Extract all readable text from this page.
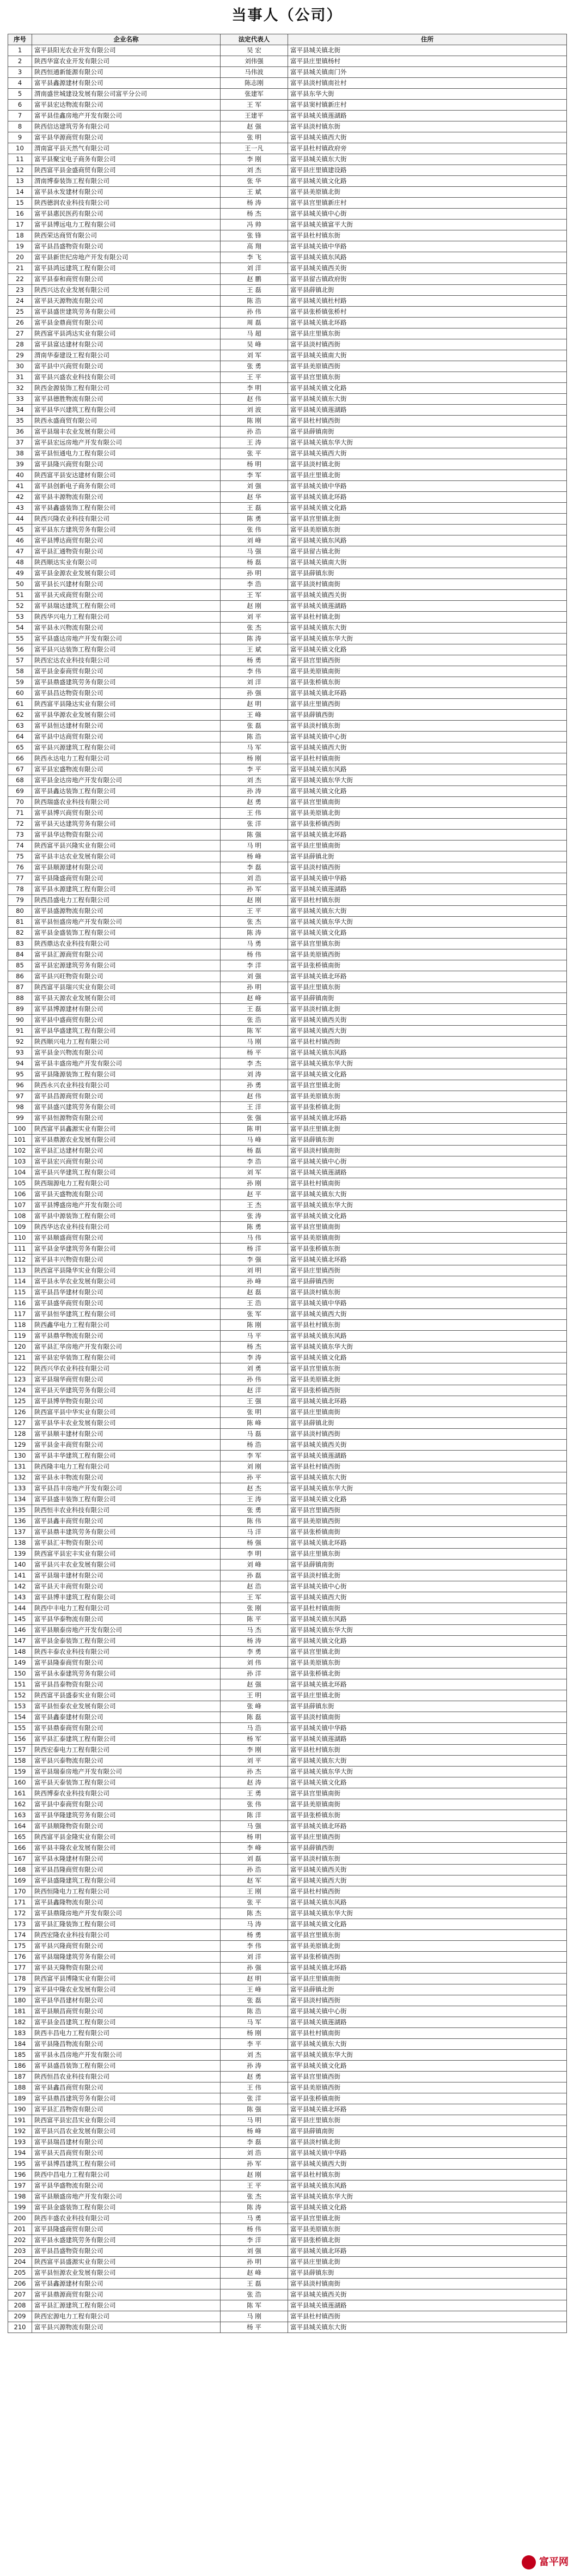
当事人（公司）
序号	企业名称	法定代表人	住所
1	富平县阳光农业开发有限公司	吴 宏	富平县城关镇北街
2	陕西华富农业开发有限公司	刘伟强	富平县庄里镇杨村
3	陕西恒通新能源有限公司	马伟波	富平县城关镇南门外
4	富平县鑫源建材有限公司	陈志刚	富平县淡村镇南社村
5	渭南盛世城建设发展有限公司富平分公司	张建军	富平县东华大街
6	富平县宏达物流有限公司	王 军	富平县窦村镇新庄村
7	富平县佳鑫房地产开发有限公司	王建平	富平县城关镇莲湖路
8	陕西信达建筑劳务有限公司	赵 强	富平县淡村镇东街
9	富平县华源商贸有限公司	张 明	富平县城关镇西大街
10	渭南富平县天然气有限公司	王一凡	富平县杜村镇政府旁
11	富平县聚宝电子商务有限公司	李 刚	富平县城关镇东大街
12	陕西富平县金盛商贸有限公司	刘 杰	富平县庄里镇建设路
13	渭南博泰装饰工程有限公司	张 华	富平县城关镇文化路
14	富平县永发建材有限公司	王 斌	富平县美原镇北街
15	陕西德润农业科技有限公司	杨 涛	富平县宫里镇新庄村
16	富平县惠民医药有限公司	杨 杰	富平县城关镇中心街
17	富平县博远电力工程有限公司	冯 帅	富平县城关镇富平大街
18	陕西荣达商贸有限公司	张 锋	富平县杜村镇东街
19	富平县昌盛物资有限公司	高 翔	富平县城关镇中华路
20	富平县新世纪房地产开发有限公司	李 飞	富平县城关镇东风路
21	富平县鸿远建筑工程有限公司	刘 洋	富平县城关镇西关街
22	富平县泰和商贸有限公司	赵 鹏	富平县留古镇政府街
23	陕西兴达农业发展有限公司	王 磊	富平县薛镇北街
24	富平县天源物流有限公司	陈 浩	富平县城关镇杜村路
25	富平县盛世建筑劳务有限公司	孙 伟	富平县张桥镇张桥村
26	富平县金鼎商贸有限公司	周 磊	富平县城关镇北环路
27	陕西富平县鸿达实业有限公司	马 超	富平县庄里镇东街
28	富平县富达建材有限公司	吴 峰	富平县淡村镇西街
29	渭南华泰建设工程有限公司	刘 军	富平县城关镇南大街
30	富平县中兴商贸有限公司	张 勇	富平县美原镇西街
31	富平县兴盛农业科技有限公司	王 平	富平县宫里镇东街
32	陕西金源装饰工程有限公司	李 明	富平县城关镇文化路
33	富平县德胜物流有限公司	赵 伟	富平县城关镇东大街
34	富平县华兴建筑工程有限公司	刘 波	富平县城关镇莲湖路
35	陕西永盛商贸有限公司	陈 刚	富平县杜村镇西街
36	富平县瑞丰农业发展有限公司	孙 浩	富平县薛镇南街
37	富平县宏远房地产开发有限公司	王 涛	富平县城关镇东华大街
38	富平县恒通电力工程有限公司	张 平	富平县城关镇西大街
39	富平县隆兴商贸有限公司	杨 明	富平县淡村镇北街
40	陕西富平县安达建材有限公司	李 军	富平县庄里镇北街
41	富平县创新电子商务有限公司	刘 强	富平县城关镇中华路
42	富平县丰源物流有限公司	赵 华	富平县城关镇北环路
43	富平县鑫盛装饰工程有限公司	王 磊	富平县城关镇文化路
44	陕西兴隆农业科技有限公司	陈 勇	富平县宫里镇北街
45	富平县东方建筑劳务有限公司	张 伟	富平县美原镇东街
46	富平县博达商贸有限公司	刘 峰	富平县城关镇东风路
47	富平县汇通物资有限公司	马 强	富平县留古镇北街
48	陕西顺达实业有限公司	杨 磊	富平县城关镇南大街
49	富平县金源农业发展有限公司	孙 明	富平县薛镇东街
50	富平县长兴建材有限公司	李 浩	富平县淡村镇南街
51	富平县天成商贸有限公司	王 军	富平县城关镇西关街
52	富平县瑞达建筑工程有限公司	赵 刚	富平县城关镇莲湖路
53	陕西华兴电力工程有限公司	刘 平	富平县杜村镇北街
54	富平县永兴物流有限公司	张 杰	富平县城关镇东大街
55	富平县盛达房地产开发有限公司	陈 涛	富平县城关镇东华大街
56	富平县兴达装饰工程有限公司	王 斌	富平县城关镇文化路
57	陕西宏达农业科技有限公司	杨 勇	富平县宫里镇西街
58	富平县金泰商贸有限公司	李 伟	富平县美原镇南街
59	富平县鼎盛建筑劳务有限公司	刘 洋	富平县张桥镇东街
60	富平县昌达物资有限公司	孙 强	富平县城关镇北环路
61	陕西富平县隆达实业有限公司	赵 明	富平县庄里镇西街
62	富平县华源农业发展有限公司	王 峰	富平县薛镇西街
63	富平县恒达建材有限公司	张 磊	富平县淡村镇东街
64	富平县中达商贸有限公司	陈 浩	富平县城关镇中心街
65	富平县兴源建筑工程有限公司	马 军	富平县城关镇西大街
66	陕西永达电力工程有限公司	杨 刚	富平县杜村镇南街
67	富平县宏盛物流有限公司	李 平	富平县城关镇东风路
68	富平县金达房地产开发有限公司	刘 杰	富平县城关镇东华大街
69	富平县鑫达装饰工程有限公司	孙 涛	富平县城关镇文化路
70	陕西瑞盛农业科技有限公司	赵 勇	富平县宫里镇南街
71	富平县博兴商贸有限公司	王 伟	富平县美原镇北街
72	富平县天达建筑劳务有限公司	张 洋	富平县张桥镇西街
73	富平县华达物资有限公司	陈 强	富平县城关镇北环路
74	陕西富平县兴隆实业有限公司	马 明	富平县庄里镇南街
75	富平县丰达农业发展有限公司	杨 峰	富平县薛镇北街
76	富平县顺源建材有限公司	李 磊	富平县淡村镇西街
77	富平县隆盛商贸有限公司	刘 浩	富平县城关镇中华路
78	富平县永源建筑工程有限公司	孙 军	富平县城关镇莲湖路
79	陕西昌盛电力工程有限公司	赵 刚	富平县杜村镇东街
80	富平县盛源物流有限公司	王 平	富平县城关镇东大街
81	富平县恒盛房地产开发有限公司	张 杰	富平县城关镇东华大街
82	富平县金盛装饰工程有限公司	陈 涛	富平县城关镇文化路
83	陕西鼎达农业科技有限公司	马 勇	富平县宫里镇东街
84	富平县汇源商贸有限公司	杨 伟	富平县美原镇西街
85	富平县宏源建筑劳务有限公司	李 洋	富平县张桥镇南街
86	富平县兴旺物资有限公司	刘 强	富平县城关镇北环路
87	陕西富平县瑞兴实业有限公司	孙 明	富平县庄里镇东街
88	富平县天源农业发展有限公司	赵 峰	富平县薛镇南街
89	富平县博源建材有限公司	王 磊	富平县淡村镇北街
90	富平县中盛商贸有限公司	张 浩	富平县城关镇西关街
91	富平县华盛建筑工程有限公司	陈 军	富平县城关镇西大街
92	陕西顺兴电力工程有限公司	马 刚	富平县杜村镇西街
93	富平县金兴物流有限公司	杨 平	富平县城关镇东风路
94	富平县丰盛房地产开发有限公司	李 杰	富平县城关镇东华大街
95	富平县隆源装饰工程有限公司	刘 涛	富平县城关镇文化路
96	陕西永兴农业科技有限公司	孙 勇	富平县宫里镇北街
97	富平县昌源商贸有限公司	赵 伟	富平县美原镇东街
98	富平县盛兴建筑劳务有限公司	王 洋	富平县张桥镇北街
99	富平县恒源物资有限公司	张 强	富平县城关镇北环路
100	陕西富平县鑫源实业有限公司	陈 明	富平县庄里镇北街
101	富平县鼎源农业发展有限公司	马 峰	富平县薛镇东街
102	富平县汇达建材有限公司	杨 磊	富平县淡村镇南街
103	富平县宏兴商贸有限公司	李 浩	富平县城关镇中心街
104	富平县兴华建筑工程有限公司	刘 军	富平县城关镇莲湖路
105	陕西瑞源电力工程有限公司	孙 刚	富平县杜村镇南街
106	富平县天盛物流有限公司	赵 平	富平县城关镇东大街
107	富平县博盛房地产开发有限公司	王 杰	富平县城关镇东华大街
108	富平县中源装饰工程有限公司	张 涛	富平县城关镇文化路
109	陕西华达农业科技有限公司	陈 勇	富平县宫里镇南街
110	富平县顺盛商贸有限公司	马 伟	富平县美原镇南街
111	富平县金华建筑劳务有限公司	杨 洋	富平县张桥镇东街
112	富平县丰兴物资有限公司	李 强	富平县城关镇北环路
113	陕西富平县隆华实业有限公司	刘 明	富平县庄里镇西街
114	富平县永华农业发展有限公司	孙 峰	富平县薛镇西街
115	富平县昌华建材有限公司	赵 磊	富平县淡村镇东街
116	富平县盛华商贸有限公司	王 浩	富平县城关镇中华路
117	富平县恒华建筑工程有限公司	张 军	富平县城关镇西大街
118	陕西鑫华电力工程有限公司	陈 刚	富平县杜村镇东街
119	富平县鼎华物流有限公司	马 平	富平县城关镇东风路
120	富平县汇华房地产开发有限公司	杨 杰	富平县城关镇东华大街
121	富平县宏华装饰工程有限公司	李 涛	富平县城关镇文化路
122	陕西兴华农业科技有限公司	刘 勇	富平县宫里镇东街
123	富平县瑞华商贸有限公司	孙 伟	富平县美原镇北街
124	富平县天华建筑劳务有限公司	赵 洋	富平县张桥镇西街
125	富平县博华物资有限公司	王 强	富平县城关镇北环路
126	陕西富平县中华实业有限公司	张 明	富平县庄里镇南街
127	富平县华丰农业发展有限公司	陈 峰	富平县薛镇北街
128	富平县顺丰建材有限公司	马 磊	富平县淡村镇西街
129	富平县金丰商贸有限公司	杨 浩	富平县城关镇西关街
130	富平县丰华建筑工程有限公司	李 军	富平县城关镇莲湖路
131	陕西隆丰电力工程有限公司	刘 刚	富平县杜村镇西街
132	富平县永丰物流有限公司	孙 平	富平县城关镇东大街
133	富平县昌丰房地产开发有限公司	赵 杰	富平县城关镇东华大街
134	富平县盛丰装饰工程有限公司	王 涛	富平县城关镇文化路
135	陕西恒丰农业科技有限公司	张 勇	富平县宫里镇西街
136	富平县鑫丰商贸有限公司	陈 伟	富平县美原镇西街
137	富平县鼎丰建筑劳务有限公司	马 洋	富平县张桥镇南街
138	富平县汇丰物资有限公司	杨 强	富平县城关镇北环路
139	陕西富平县宏丰实业有限公司	李 明	富平县庄里镇东街
140	富平县兴丰农业发展有限公司	刘 峰	富平县薛镇南街
141	富平县瑞丰建材有限公司	孙 磊	富平县淡村镇北街
142	富平县天丰商贸有限公司	赵 浩	富平县城关镇中心街
143	富平县博丰建筑工程有限公司	王 军	富平县城关镇西大街
144	陕西中丰电力工程有限公司	张 刚	富平县杜村镇南街
145	富平县华泰物流有限公司	陈 平	富平县城关镇东风路
146	富平县顺泰房地产开发有限公司	马 杰	富平县城关镇东华大街
147	富平县金泰装饰工程有限公司	杨 涛	富平县城关镇文化路
148	陕西丰泰农业科技有限公司	李 勇	富平县宫里镇北街
149	富平县隆泰商贸有限公司	刘 伟	富平县美原镇东街
150	富平县永泰建筑劳务有限公司	孙 洋	富平县张桥镇北街
151	富平县昌泰物资有限公司	赵 强	富平县城关镇北环路
152	陕西富平县盛泰实业有限公司	王 明	富平县庄里镇北街
153	富平县恒泰农业发展有限公司	张 峰	富平县薛镇东街
154	富平县鑫泰建材有限公司	陈 磊	富平县淡村镇南街
155	富平县鼎泰商贸有限公司	马 浩	富平县城关镇中华路
156	富平县汇泰建筑工程有限公司	杨 军	富平县城关镇莲湖路
157	陕西宏泰电力工程有限公司	李 刚	富平县杜村镇东街
158	富平县兴泰物流有限公司	刘 平	富平县城关镇东大街
159	富平县瑞泰房地产开发有限公司	孙 杰	富平县城关镇东华大街
160	富平县天泰装饰工程有限公司	赵 涛	富平县城关镇文化路
161	陕西博泰农业科技有限公司	王 勇	富平县宫里镇南街
162	富平县中泰商贸有限公司	张 伟	富平县美原镇南街
163	富平县华隆建筑劳务有限公司	陈 洋	富平县张桥镇东街
164	富平县顺隆物资有限公司	马 强	富平县城关镇北环路
165	陕西富平县金隆实业有限公司	杨 明	富平县庄里镇西街
166	富平县丰隆农业发展有限公司	李 峰	富平县薛镇西街
167	富平县永隆建材有限公司	刘 磊	富平县淡村镇东街
168	富平县昌隆商贸有限公司	孙 浩	富平县城关镇西关街
169	富平县盛隆建筑工程有限公司	赵 军	富平县城关镇西大街
170	陕西恒隆电力工程有限公司	王 刚	富平县杜村镇西街
171	富平县鑫隆物流有限公司	张 平	富平县城关镇东风路
172	富平县鼎隆房地产开发有限公司	陈 杰	富平县城关镇东华大街
173	富平县汇隆装饰工程有限公司	马 涛	富平县城关镇文化路
174	陕西宏隆农业科技有限公司	杨 勇	富平县宫里镇东街
175	富平县兴隆商贸有限公司	李 伟	富平县美原镇北街
176	富平县瑞隆建筑劳务有限公司	刘 洋	富平县张桥镇西街
177	富平县天隆物资有限公司	孙 强	富平县城关镇北环路
178	陕西富平县博隆实业有限公司	赵 明	富平县庄里镇南街
179	富平县中隆农业发展有限公司	王 峰	富平县薛镇北街
180	富平县华昌建材有限公司	张 磊	富平县淡村镇西街
181	富平县顺昌商贸有限公司	陈 浩	富平县城关镇中心街
182	富平县金昌建筑工程有限公司	马 军	富平县城关镇莲湖路
183	陕西丰昌电力工程有限公司	杨 刚	富平县杜村镇南街
184	富平县隆昌物流有限公司	李 平	富平县城关镇东大街
185	富平县永昌房地产开发有限公司	刘 杰	富平县城关镇东华大街
186	富平县盛昌装饰工程有限公司	孙 涛	富平县城关镇文化路
187	陕西恒昌农业科技有限公司	赵 勇	富平县宫里镇西街
188	富平县鑫昌商贸有限公司	王 伟	富平县美原镇西街
189	富平县鼎昌建筑劳务有限公司	张 洋	富平县张桥镇南街
190	富平县汇昌物资有限公司	陈 强	富平县城关镇北环路
191	陕西富平县宏昌实业有限公司	马 明	富平县庄里镇东街
192	富平县兴昌农业发展有限公司	杨 峰	富平县薛镇南街
193	富平县瑞昌建材有限公司	李 磊	富平县淡村镇北街
194	富平县天昌商贸有限公司	刘 浩	富平县城关镇中华路
195	富平县博昌建筑工程有限公司	孙 军	富平县城关镇西大街
196	陕西中昌电力工程有限公司	赵 刚	富平县杜村镇东街
197	富平县华盛物流有限公司	王 平	富平县城关镇东风路
198	富平县顺盛房地产开发有限公司	张 杰	富平县城关镇东华大街
199	富平县金盛装饰工程有限公司	陈 涛	富平县城关镇文化路
200	陕西丰盛农业科技有限公司	马 勇	富平县宫里镇北街
201	富平县隆盛商贸有限公司	杨 伟	富平县美原镇东街
202	富平县永盛建筑劳务有限公司	李 洋	富平县张桥镇北街
203	富平县昌盛物资有限公司	刘 强	富平县城关镇北环路
204	陕西富平县盛源实业有限公司	孙 明	富平县庄里镇北街
205	富平县恒源农业发展有限公司	赵 峰	富平县薛镇东街
206	富平县鑫源建材有限公司	王 磊	富平县淡村镇南街
207	富平县鼎源商贸有限公司	张 浩	富平县城关镇西关街
208	富平县汇源建筑工程有限公司	陈 军	富平县城关镇莲湖路
209	陕西宏源电力工程有限公司	马 刚	富平县杜村镇西街
210	富平县兴源物流有限公司	杨 平	富平县城关镇东大街
富平网
